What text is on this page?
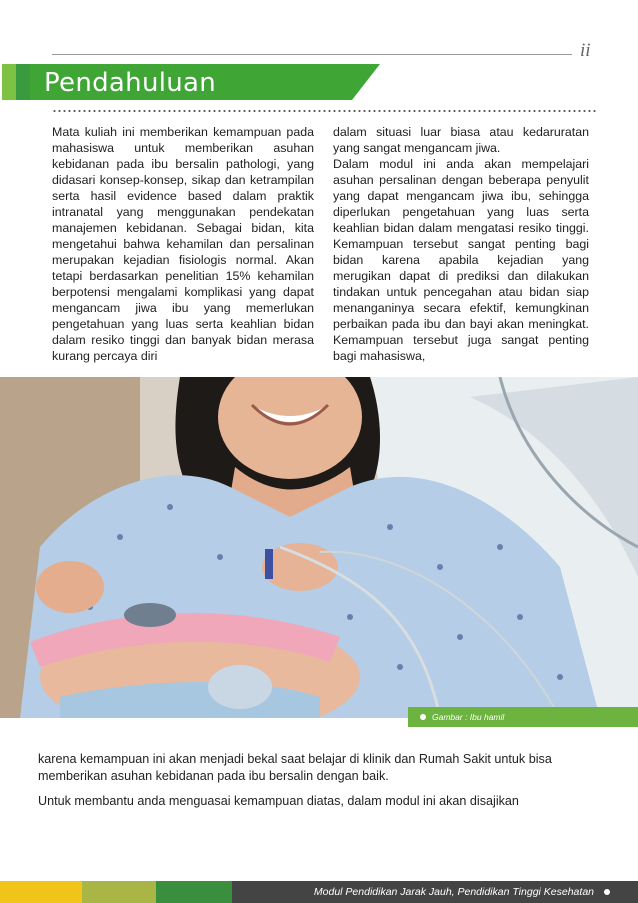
ii
Pendahuluan

Mata kuliah ini memberikan kemampuan pada mahasiswa untuk memberikan asuhan kebidanan pada ibu bersalin pathologi, yang didasari konsep-konsep, sikap dan ketrampilan serta hasil evidence based dalam praktik intranatal yang menggunakan pendekatan manajemen kebidanan. Sebagai bidan, kita mengetahui bahwa kehamilan dan persalinan merupakan kejadian fisiologis normal. Akan tetapi berdasarkan penelitian 15% kehamilan berpotensi mengalami komplikasi yang dapat mengancam jiwa ibu yang memerlukan pengetahuan yang luas serta keahlian bidan dalam resiko tinggi dan banyak bidan merasa kurang percaya diri

dalam situasi luar biasa atau kedaruratan yang sangat mengancam jiwa.

Dalam modul ini anda akan mempelajari asuhan persalinan dengan beberapa penyulit yang dapat mengancam jiwa ibu, sehingga diperlukan pengetahuan yang luas serta keahlian bidan dalam mengatasi resiko tinggi. Kemampuan tersebut sangat penting bagi bidan karena apabila kejadian yang merugikan dapat di prediksi dan dilakukan tindakan untuk pencegahan atau bidan siap menanganinya secara efektif, kemungkinan perbaikan pada ibu dan bayi akan meningkat. Kemampuan tersebut juga sangat penting bagi mahasiswa,

Gambar : Ibu hamil
karena kemampuan ini akan menjadi bekal saat belajar di klinik dan Rumah Sakit untuk bisa memberikan asuhan kebidanan pada ibu bersalin dengan baik.
Untuk membantu anda menguasai kemampuan diatas, dalam modul ini akan disajikan
Modul Pendidikan Jarak Jauh, Pendidikan Tinggi Kesehatan
